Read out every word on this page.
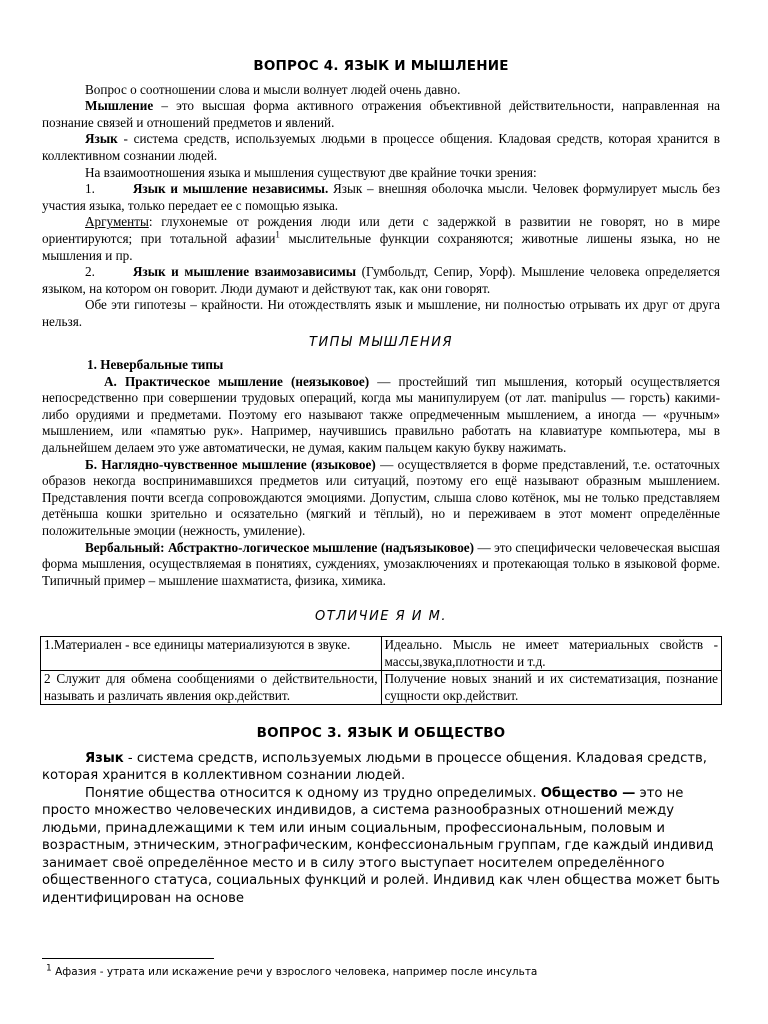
ВОПРОС 4. ЯЗЫК И МЫШЛЕНИЕ

Вопрос о соотношении слова и мысли волнует людей очень давно.

Мышление – это высшая форма активного отражения объективной действительности, направленная на познание связей и отношений предметов и явлений.

Язык - система средств, используемых людьми в процессе общения. Кладовая средств, которая хранится в коллективном сознании людей.

На взаимоотношения языка и мышления существуют две крайние точки зрения:

1.	Язык и мышление независимы. Язык – внешняя оболочка мысли. Человек формулирует мысль без участия языка, только передает ее с помощью языка.

Аргументы: глухонемые от рождения люди или дети с задержкой в развитии не говорят, но в мире ориентируются; при тотальной афазии$^1$ мыслительные функции сохраняются; животные лишены языка, но не мышления и пр.

2.	Язык и мышление взаимозависимы (Гумбольдт, Сепир, Уорф). Мышление человека определяется языком, на котором он говорит. Люди думают и действуют так, как они говорят.

Обе эти гипотезы – крайности. Ни отождествлять язык и мышление, ни полностью отрывать их друг от друга нельзя.

ТИПЫ МЫШЛЕНИЯ

1. Невербальные типы

А. Практическое мышление (неязыковое) — простейший тип мышления, который осуществляется непосредственно при совершении трудовых операций, когда мы манипулируем (от лат. manipulus — горсть) какими-либо орудиями и предметами. Поэтому его называют также опредмеченным мышлением, а иногда — «ручным» мышлением, или «памятью рук». Например, научившись правильно работать на клавиатуре компьютера, мы в дальнейшем делаем это уже автоматически, не думая, каким пальцем какую букву нажимать.

Б. Наглядно-чувственное мышление (языковое) — осуществляется в форме представлений, т.е. остаточных образов некогда воспринимавшихся предметов или ситуаций, поэтому его ещё называют образным мышлением. Представления почти всегда сопровождаются эмоциями. Допустим, слыша слово котёнок, мы не только представляем детёныша кошки зрительно и осязательно (мягкий и тёплый), но и переживаем в этот момент определённые положительные эмоции (нежность, умиление).

Вербальный: Абстрактно-логическое мышление (надъязыковое) — это специфически человеческая высшая форма мышления, осуществляемая в понятиях, суждениях, умозаключениях и протекающая только в языковой форме. Типичный пример – мышление шахматиста, физика, химика.

ОТЛИЧИЕ Я И М.
1.Материален - все единицы материализуются в звуке.	Идеально. Мысль не имеет материальных свойств - массы,звука,плотности и т.д.
2 Служит для обмена сообщениями о действительности, называть и различать явления окр.действит.	Получение новых знаний и их систематизация, познание сущности окр.действит.
ВОПРОС 3. ЯЗЫК И ОБЩЕСТВО

Язык - система средств, используемых людьми в процессе общения. Кладовая средств, которая хранится в коллективном сознании людей.

Понятие общества относится к одному из трудно определимых. Общество — это не просто множество человеческих индивидов, а система разнообразных отношений между людьми, принадлежащими к тем или иным социальным, профессиональным, половым и возрастным, этническим, этнографическим, конфессиональным группам, где каждый индивид занимает своё определённое место и в силу этого выступает носителем определённого общественного статуса, социальных функций и ролей. Индивид как член общества может быть идентифицирован на основе

$^1$ Афазия - утрата или искажение речи у взрослого человека, например после инсульта
